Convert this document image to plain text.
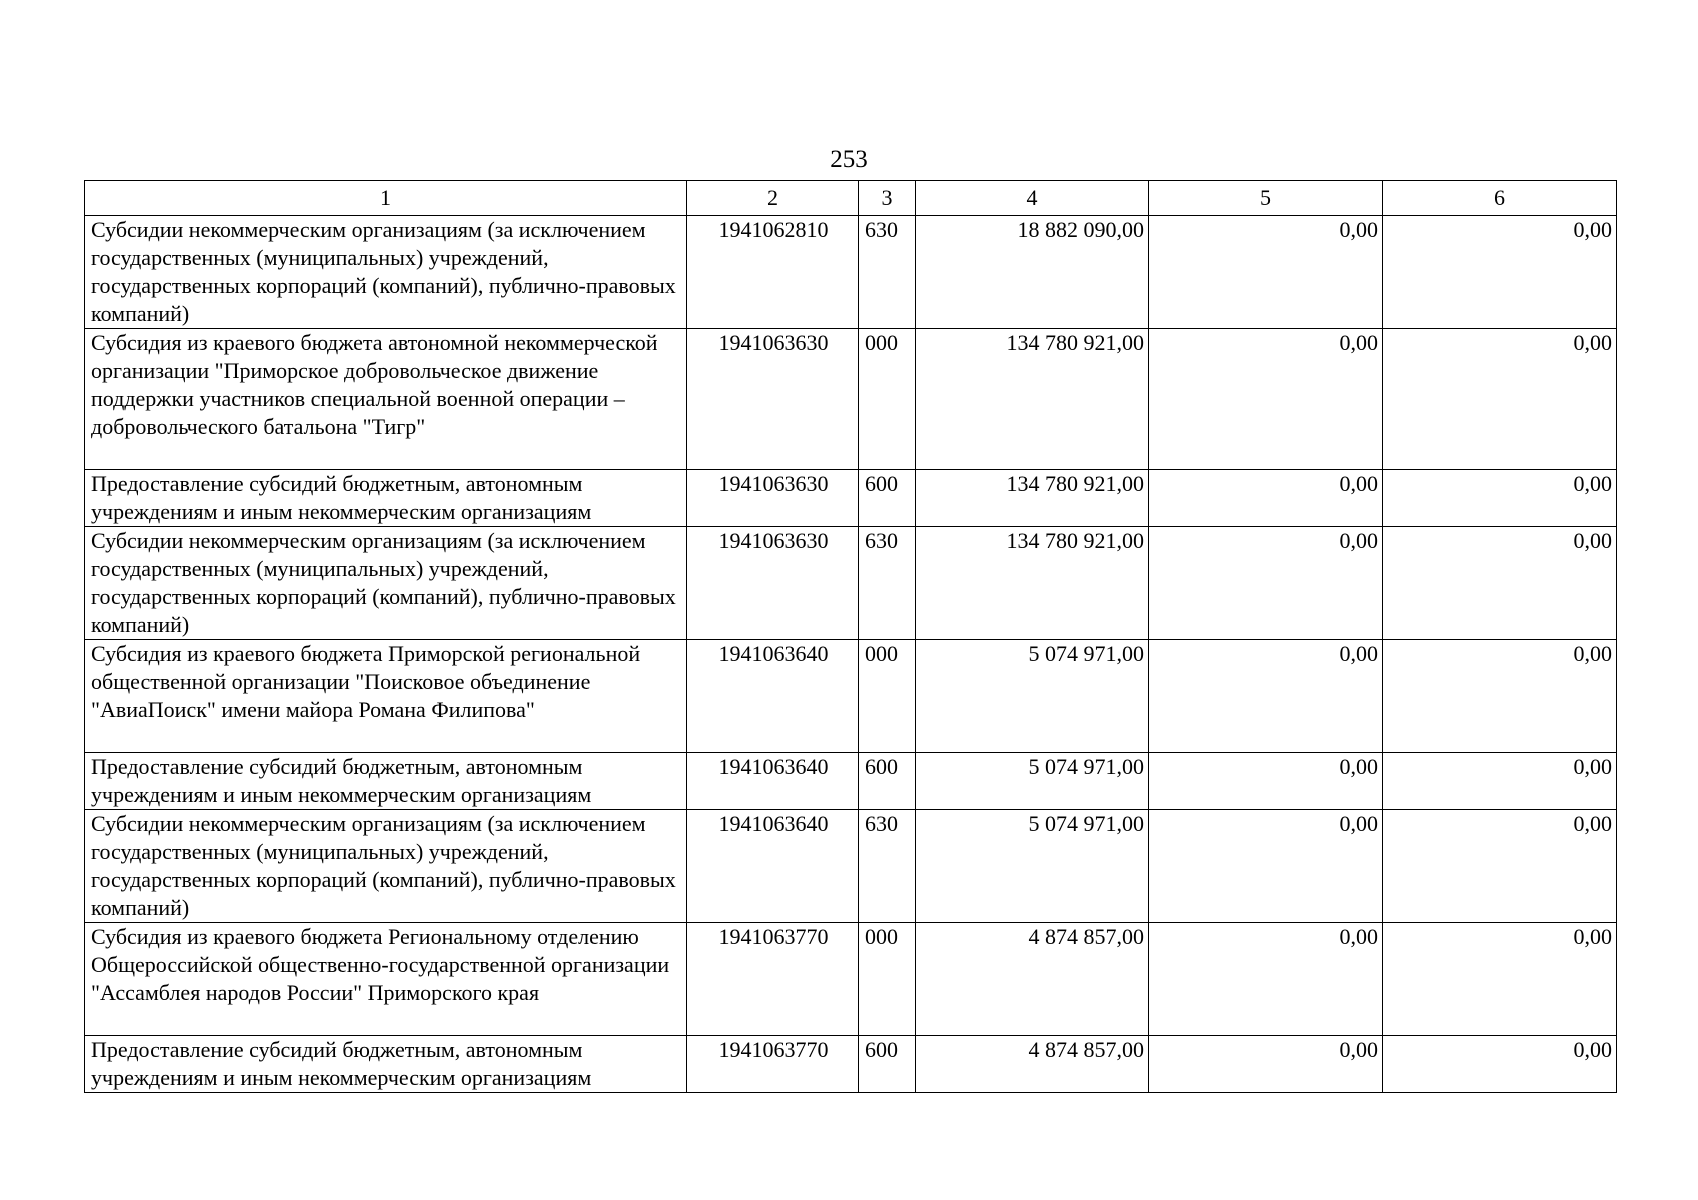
253
1	2	3	4	5	6
Субсидии некоммерческим организациям (за исключением государственных (муниципальных) учреждений, государственных корпораций (компаний), публично-правовых компаний)	1941062810	630	18 882 090,00	0,00	0,00
Субсидия из краевого бюджета автономной некоммерческой организации "Приморское добровольческое движение поддержки участников специальной военной операции – добровольческого батальона "Тигр"	1941063630	000	134 780 921,00	0,00	0,00
Предоставление субсидий бюджетным, автономным учреждениям и иным некоммерческим организациям	1941063630	600	134 780 921,00	0,00	0,00
Субсидии некоммерческим организациям (за исключением государственных (муниципальных) учреждений, государственных корпораций (компаний), публично-правовых компаний)	1941063630	630	134 780 921,00	0,00	0,00
Субсидия из краевого бюджета Приморской региональной общественной организации "Поисковое объединение "АвиаПоиск" имени майора Романа Филипова"	1941063640	000	5 074 971,00	0,00	0,00
Предоставление субсидий бюджетным, автономным учреждениям и иным некоммерческим организациям	1941063640	600	5 074 971,00	0,00	0,00
Субсидии некоммерческим организациям (за исключением государственных (муниципальных) учреждений, государственных корпораций (компаний), публично-правовых компаний)	1941063640	630	5 074 971,00	0,00	0,00
Субсидия из краевого бюджета Региональному отделению Общероссийской общественно-государственной организации "Ассамблея народов России" Приморского края	1941063770	000	4 874 857,00	0,00	0,00
Предоставление субсидий бюджетным, автономным учреждениям и иным некоммерческим организациям	1941063770	600	4 874 857,00	0,00	0,00
